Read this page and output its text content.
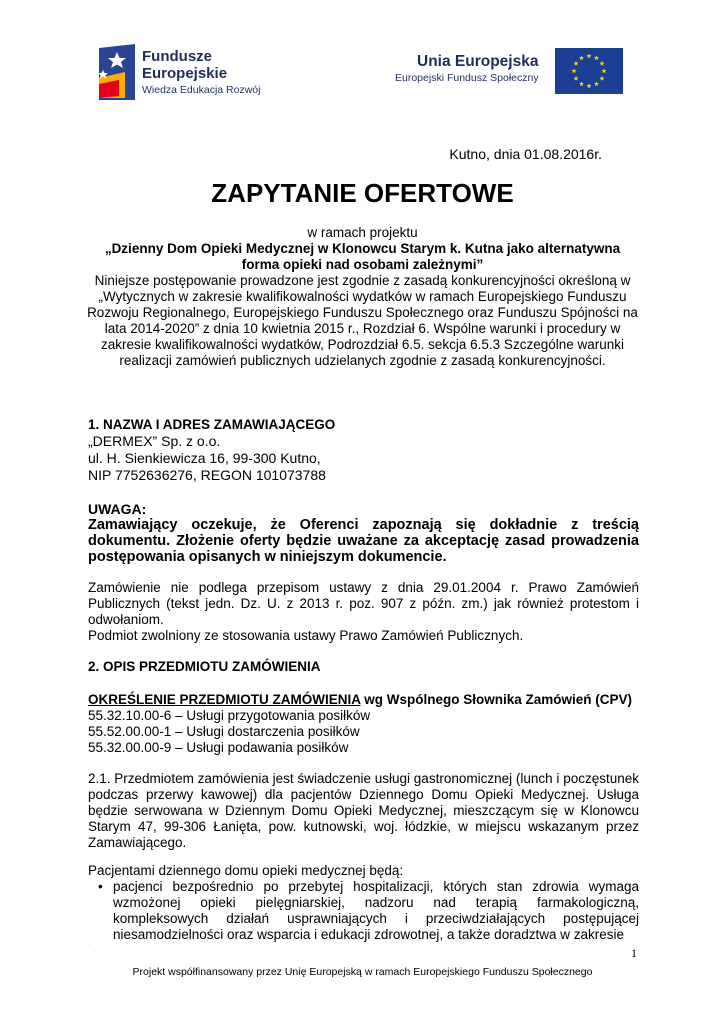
Fundusze
Europejskie
Wiedza Edukacja Rozwój
Unia Europejska
Europejski Fundusz Społeczny
Kutno, dnia 01.08.2016r.
ZAPYTANIE OFERTOWE
w ramach projektu
„Dzienny Dom Opieki Medycznej w Klonowcu Starym k. Kutna jako alternatywna forma opieki nad osobami zależnymi”
Niniejsze postępowanie prowadzone jest zgodnie z zasadą konkurencyjności określoną w „Wytycznych w zakresie kwalifikowalności wydatków w ramach Europejskiego Funduszu Rozwoju Regionalnego, Europejskiego Funduszu Społecznego oraz Funduszu Spójności na lata 2014-2020” z dnia 10 kwietnia 2015 r., Rozdział 6. Wspólne warunki i procedury w zakresie kwalifikowalności wydatków, Podrozdział 6.5. sekcja 6.5.3 Szczególne warunki realizacji zamówień publicznych udzielanych zgodnie z zasadą konkurencyjności.
1. NAZWA I ADRES ZAMAWIAJĄCEGO
„DERMEX” Sp. z o.o.
ul. H. Sienkiewicza 16, 99-300 Kutno,
NIP 7752636276, REGON 101073788
UWAGA:
Zamawiający oczekuje, że Oferenci zapoznają się dokładnie z treścią dokumentu. Złożenie oferty będzie uważane za akceptację zasad prowadzenia postępowania opisanych w niniejszym dokumencie.
Zamówienie nie podlega przepisom ustawy z dnia 29.01.2004 r. Prawo Zamówień Publicznych (tekst jedn. Dz. U. z 2013 r. poz. 907 z późn. zm.) jak również protestom i odwołaniom.
Podmiot zwolniony ze stosowania ustawy Prawo Zamówień Publicznych.
2. OPIS PRZEDMIOTU ZAMÓWIENIA
OKREŚLENIE PRZEDMIOTU ZAMÓWIENIA wg Wspólnego Słownika Zamówień (CPV)
55.32.10.00-6 – Usługi przygotowania posiłków
55.52.00.00-1 – Usługi dostarczenia posiłków
55.32.00.00-9 – Usługi podawania posiłków
2.1. Przedmiotem zamówienia jest świadczenie usługi gastronomicznej (lunch i poczęstunek podczas przerwy kawowej) dla pacjentów Dziennego Domu Opieki Medycznej. Usługa będzie serwowana w Dziennym Domu Opieki Medycznej, mieszczącym się w Klonowcu Starym 47, 99-306 Łanięta, pow. kutnowski, woj. łódzkie, w miejscu wskazanym przez Zamawiającego.
Pacjentami dziennego domu opieki medycznej będą:
• pacjenci bezpośrednio po przebytej hospitalizacji, których stan zdrowia wymaga wzmożonej opieki pielęgniarskiej, nadzoru nad terapią farmakologiczną, kompleksowych działań usprawniających i przeciwdziałających postępującej niesamodzielności oraz wsparcia i edukacji zdrowotnej, a także doradztwa w zakresie
·	1
Projekt współfinansowany przez Unię Europejską w ramach Europejskiego Funduszu Społecznego
